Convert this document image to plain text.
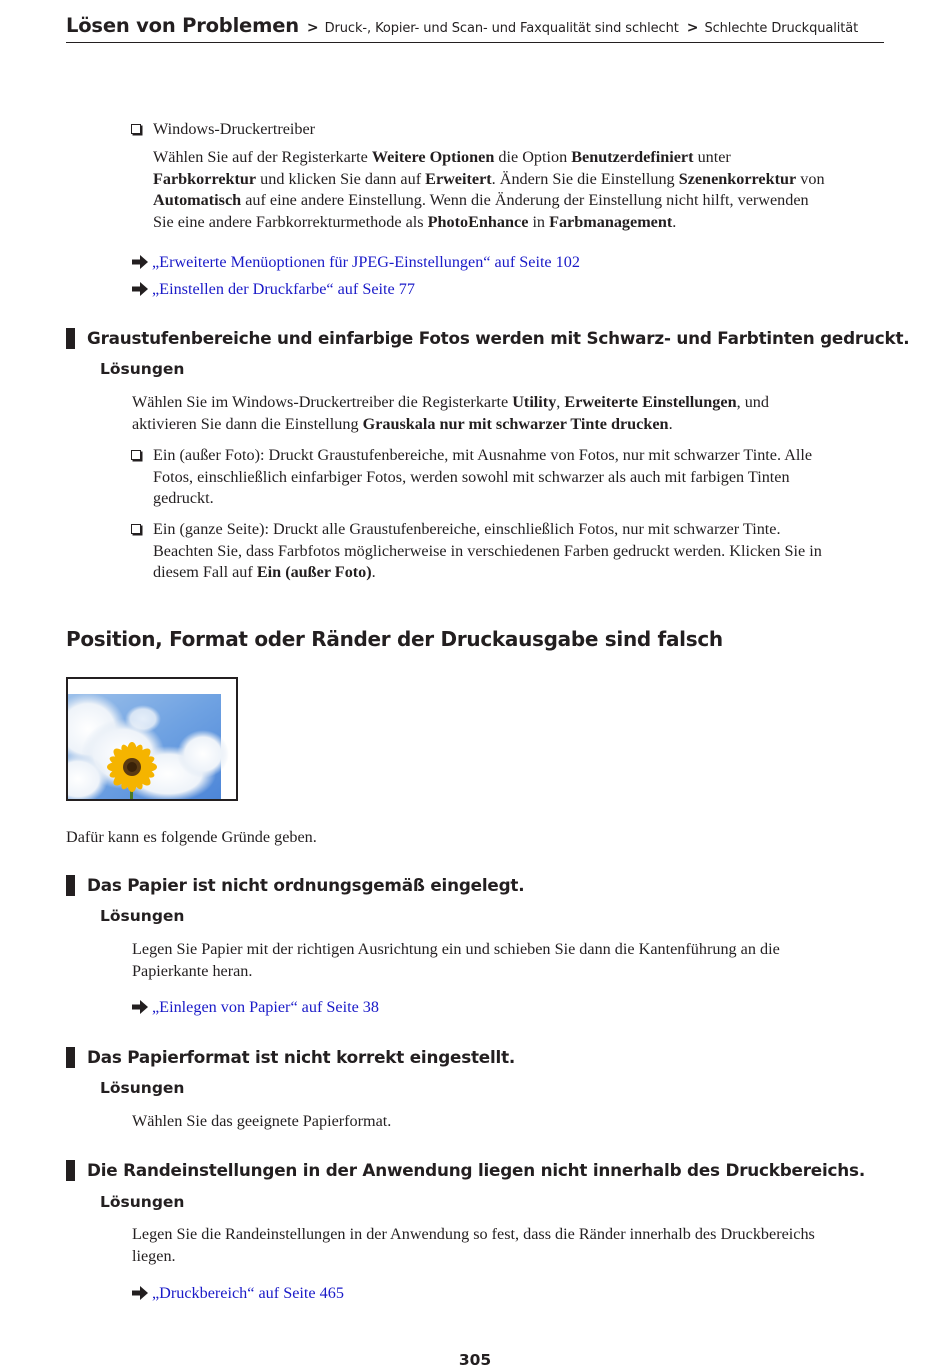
Lösen von Problemen > Druck-, Kopier- und Scan- und Faxqualität sind schlecht > Schlechte Druckqualität
Windows-Druckertreiber
Wählen Sie auf der Registerkarte Weitere Optionen die Option Benutzerdefiniert unter
Farbkorrektur und klicken Sie dann auf Erweitert. Ändern Sie die Einstellung Szenenkorrektur von
Automatisch auf eine andere Einstellung. Wenn die Änderung der Einstellung nicht hilft, verwenden
Sie eine andere Farbkorrekturmethode als PhotoEnhance in Farbmanagement.
„Erweiterte Menüoptionen für JPEG-Einstellungen“ auf Seite 102
„Einstellen der Druckfarbe“ auf Seite 77
Graustufenbereiche und einfarbige Fotos werden mit Schwarz- und Farbtinten gedruckt.
Lösungen
Wählen Sie im Windows-Druckertreiber die Registerkarte Utility, Erweiterte Einstellungen, und
aktivieren Sie dann die Einstellung Grauskala nur mit schwarzer Tinte drucken.
Ein (außer Foto): Druckt Graustufenbereiche, mit Ausnahme von Fotos, nur mit schwarzer Tinte. Alle
Fotos, einschließlich einfarbiger Fotos, werden sowohl mit schwarzer als auch mit farbigen Tinten
gedruckt.
Ein (ganze Seite): Druckt alle Graustufenbereiche, einschließlich Fotos, nur mit schwarzer Tinte.
Beachten Sie, dass Farbfotos möglicherweise in verschiedenen Farben gedruckt werden. Klicken Sie in
diesem Fall auf Ein (außer Foto).
Position, Format oder Ränder der Druckausgabe sind falsch
Dafür kann es folgende Gründe geben.
Das Papier ist nicht ordnungsgemäß eingelegt.
Lösungen
Legen Sie Papier mit der richtigen Ausrichtung ein und schieben Sie dann die Kantenführung an die
Papierkante heran.
„Einlegen von Papier“ auf Seite 38
Das Papierformat ist nicht korrekt eingestellt.
Lösungen
Wählen Sie das geeignete Papierformat.
Die Randeinstellungen in der Anwendung liegen nicht innerhalb des Druckbereichs.
Lösungen
Legen Sie die Randeinstellungen in der Anwendung so fest, dass die Ränder innerhalb des Druckbereichs
liegen.
„Druckbereich“ auf Seite 465
305
